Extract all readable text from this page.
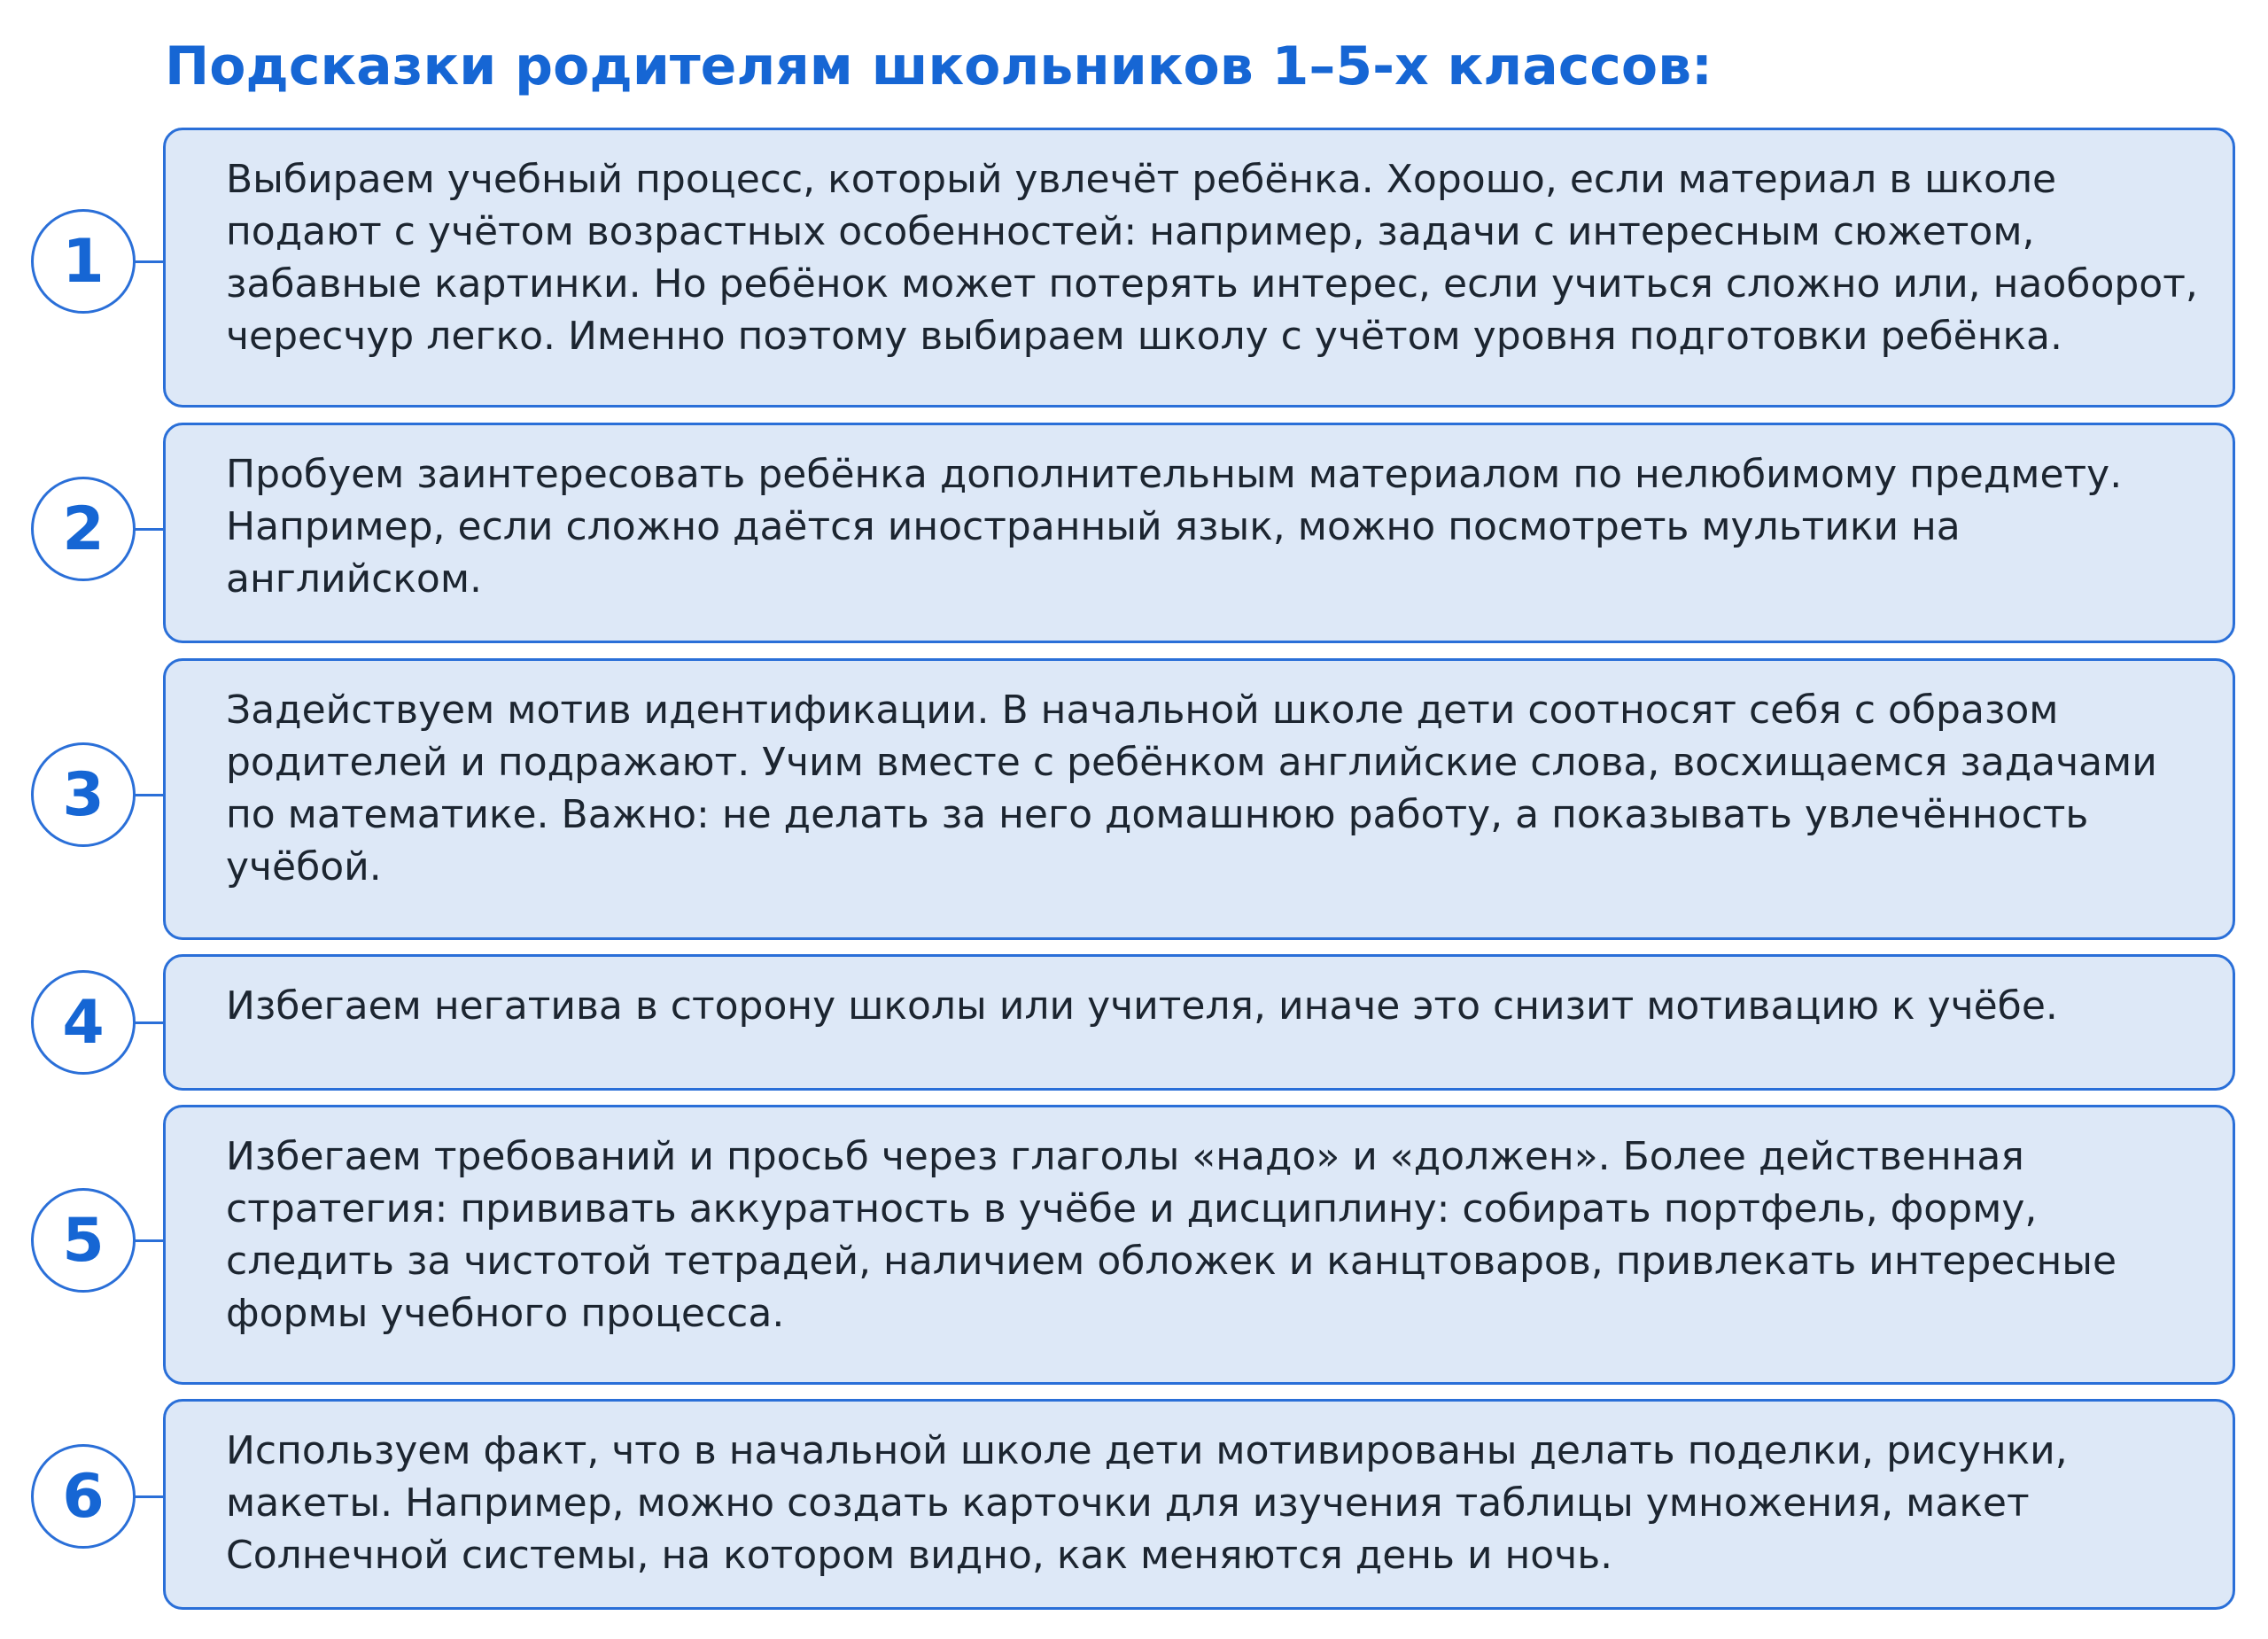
Подсказки родителям школьников 1–5-х классов:
1

Выбираем учебный процесс, который увлечёт ребёнка. Хорошо, если материал в школе подают с учётом возрастных особенностей: например, задачи с интересным сюжетом, забавные картинки. Но ребёнок может потерять интерес, если учиться сложно или, наоборот, чересчур легко. Именно поэтому выбираем школу с учётом уровня подготовки ребёнка.

2

Пробуем заинтересовать ребёнка дополнительным материалом по нелюбимому предмету. Например, если сложно даётся иностранный язык, можно посмотреть мультики на английском.

3

Задействуем мотив идентификации. В начальной школе дети соотносят себя с образом родителей и подражают. Учим вместе с ребёнком английские слова, восхищаемся задачами по математике. Важно: не делать за него домашнюю работу, а показывать увлечённость учёбой.

4	Избегаем негатива в сторону школы или учителя, иначе это снизит мотивацию к учёбе.

5

Избегаем требований и просьб через глаголы «надо» и «должен». Более действенная стратегия: прививать аккуратность в учёбе и дисциплину: собирать портфель, форму, следить за чистотой тетрадей, наличием обложек и канцтоваров, привлекать интересные формы учебного процесса.

6

Используем факт, что в начальной школе дети мотивированы делать поделки, рисунки, макеты. Например, можно создать карточки для изучения таблицы умножения, макет Солнечной системы, на котором видно, как меняются день и ночь.
